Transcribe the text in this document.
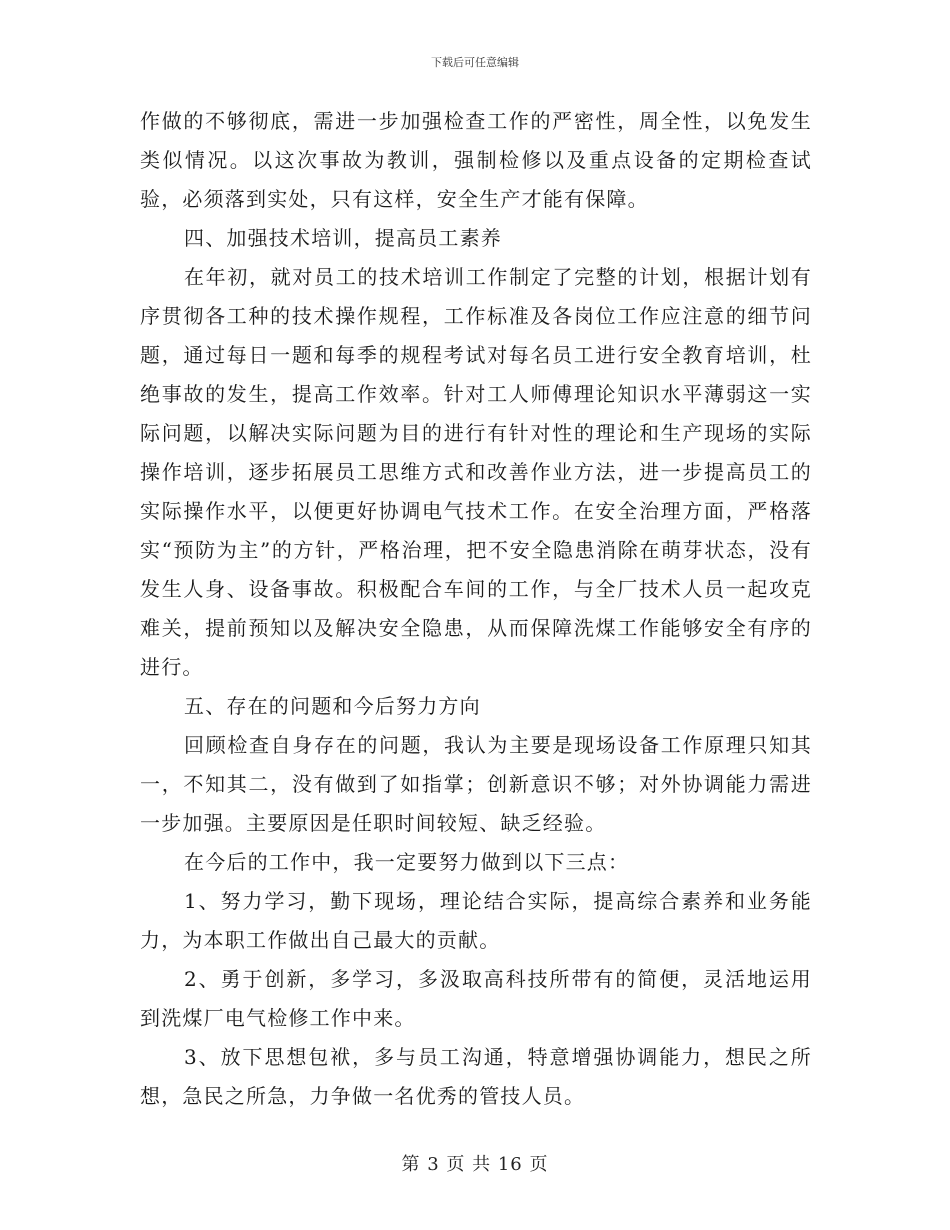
下载后可任意编辑

作做的不够彻底，需进一步加强检查工作的严密性，周全性，以免发生类似情况。以这次事故为教训，强制检修以及重点设备的定期检查试验，必须落到实处，只有这样，安全生产才能有保障。

四、加强技术培训，提高员工素养

在年初，就对员工的技术培训工作制定了完整的计划，根据计划有序贯彻各工种的技术操作规程，工作标准及各岗位工作应注意的细节问题，通过每日一题和每季的规程考试对每名员工进行安全教育培训，杜绝事故的发生，提高工作效率。针对工人师傅理论知识水平薄弱这一实际问题，以解决实际问题为目的进行有针对性的理论和生产现场的实际操作培训，逐步拓展员工思维方式和改善作业方法，进一步提高员工的实际操作水平，以便更好协调电气技术工作。在安全治理方面，严格落实“预防为主”的方针，严格治理，把不安全隐患消除在萌芽状态，没有发生人身、设备事故。积极配合车间的工作，与全厂技术人员一起攻克难关，提前预知以及解决安全隐患，从而保障洗煤工作能够安全有序的进行。

五、存在的问题和今后努力方向

回顾检查自身存在的问题，我认为主要是现场设备工作原理只知其一，不知其二，没有做到了如指掌；创新意识不够；对外协调能力需进一步加强。主要原因是任职时间较短、缺乏经验。

在今后的工作中，我一定要努力做到以下三点：

1、努力学习，勤下现场，理论结合实际，提高综合素养和业务能力，为本职工作做出自己最大的贡献。

2、勇于创新，多学习，多汲取高科技所带有的简便，灵活地运用到洗煤厂电气检修工作中来。

3、放下思想包袱，多与员工沟通，特意增强协调能力，想民之所想，急民之所急，力争做一名优秀的管技人员。

第 3 页 共 16 页
